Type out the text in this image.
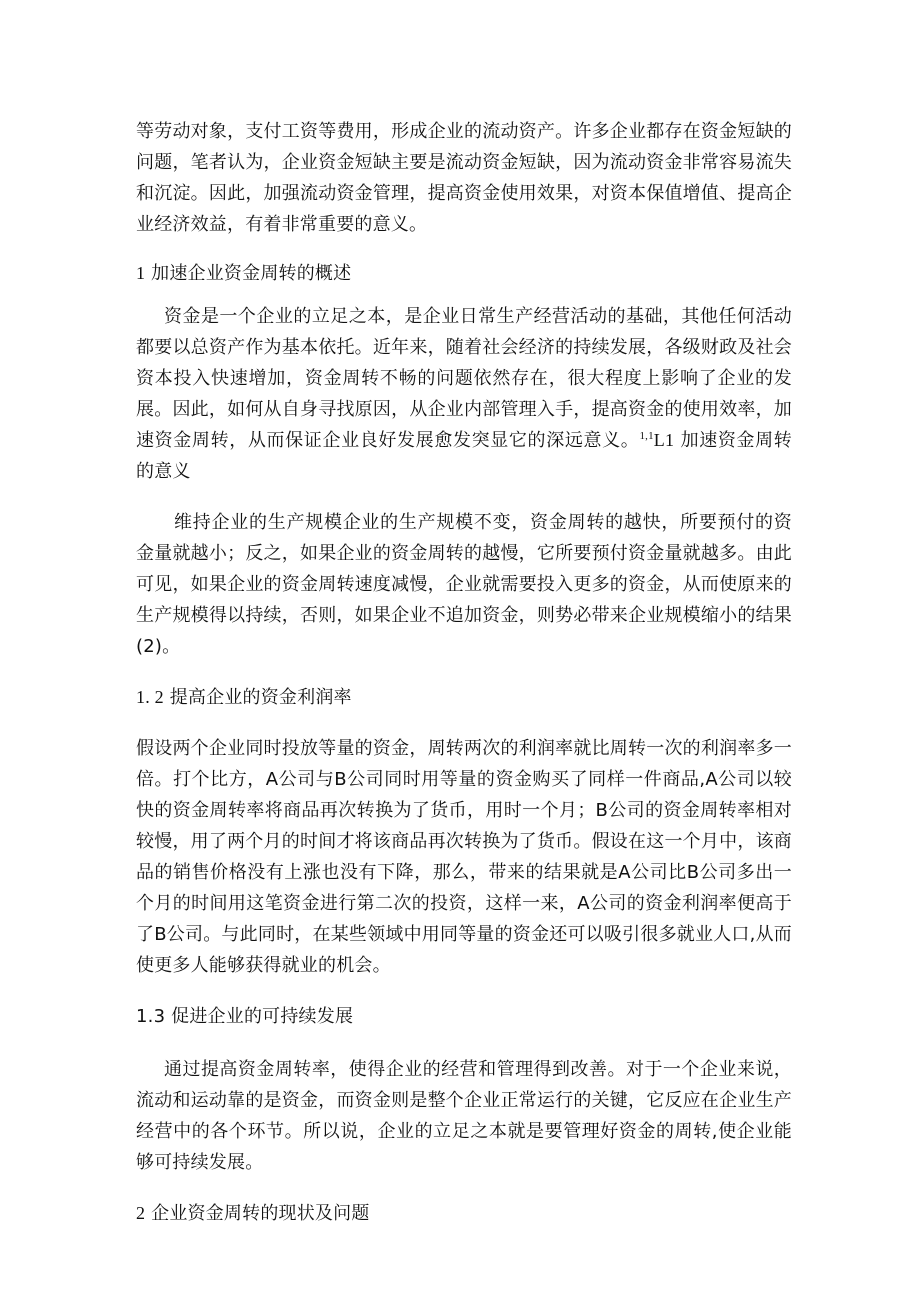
等劳动对象，支付工资等费用，形成企业的流动资产。许多企业都存在资金短缺的问题，笔者认为，企业资金短缺主要是流动资金短缺，因为流动资金非常容易流失和沉淀。因此，加强流动资金管理，提高资金使用效果，对资本保值增值、提高企业经济效益，有着非常重要的意义。

1 加速企业资金周转的概述

资金是一个企业的立足之本，是企业日常生产经营活动的基础，其他任何活动都要以总资产作为基本依托。近年来，随着社会经济的持续发展，各级财政及社会资本投入快速增加，资金周转不畅的问题依然存在，很大程度上影响了企业的发展。因此，如何从自身寻找原因，从企业内部管理入手，提高资金的使用效率，加速资金周转，从而保证企业良好发展愈发突显它的深远意义。$^{1,1}$L1 加速资金周转的意义

维持企业的生产规模企业的生产规模不变，资金周转的越快，所要预付的资金量就越小；反之，如果企业的资金周转的越慢，它所要预付资金量就越多。由此可见，如果企业的资金周转速度减慢，企业就需要投入更多的资金，从而使原来的生产规模得以持续，否则，如果企业不追加资金，则势必带来企业规模缩小的结果(2)。

1. 2 提高企业的资金利润率

假设两个企业同时投放等量的资金，周转两次的利润率就比周转一次的利润率多一倍。打个比方，A公司与B公司同时用等量的资金购买了同样一件商品,A公司以较快的资金周转率将商品再次转换为了货币，用时一个月；B公司的资金周转率相对较慢，用了两个月的时间才将该商品再次转换为了货币。假设在这一个月中，该商品的销售价格没有上涨也没有下降，那么，带来的结果就是A公司比B公司多出一个月的时间用这笔资金进行第二次的投资，这样一来，A公司的资金利润率便高于了B公司。与此同时，在某些领域中用同等量的资金还可以吸引很多就业人口,从而使更多人能够获得就业的机会。

1.3 促进企业的可持续发展

通过提高资金周转率，使得企业的经营和管理得到改善。对于一个企业来说，流动和运动靠的是资金，而资金则是整个企业正常运行的关键，它反应在企业生产经营中的各个环节。所以说，企业的立足之本就是要管理好资金的周转,使企业能够可持续发展。

2 企业资金周转的现状及问题
